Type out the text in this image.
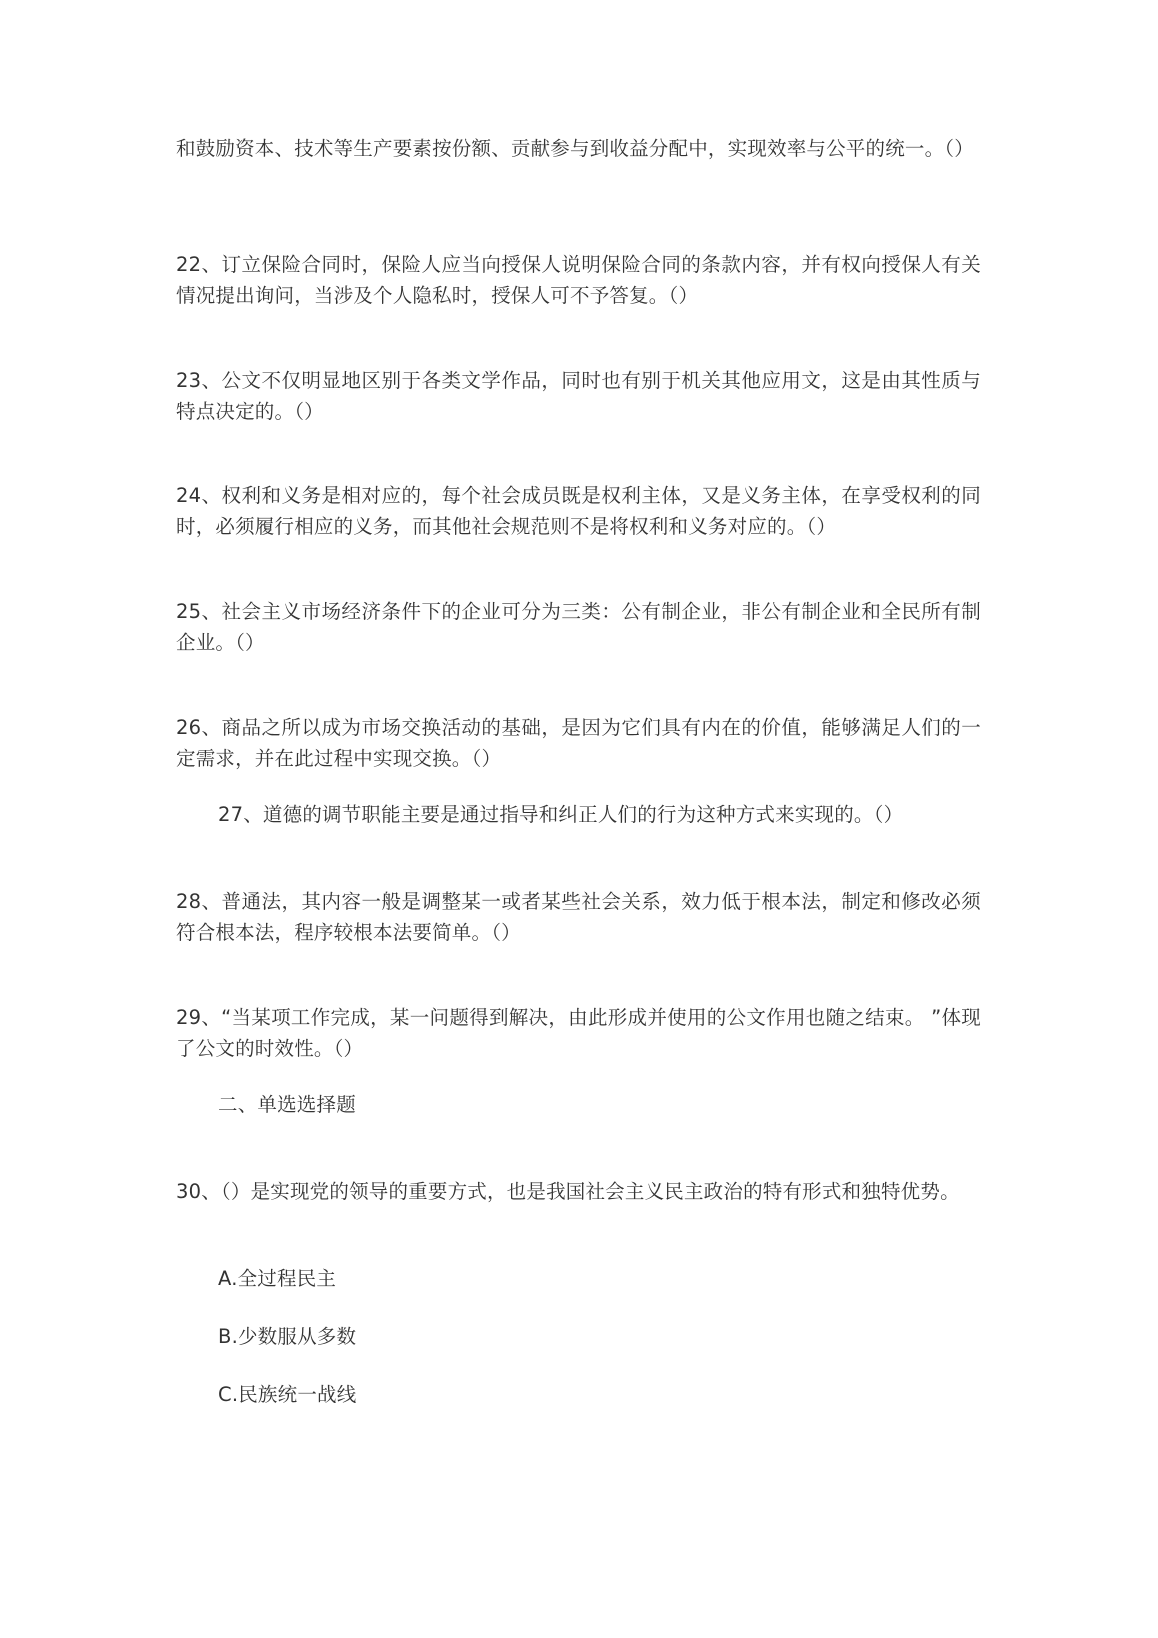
和鼓励资本、技术等生产要素按份额、贡献参与到收益分配中，实现效率与公平的统一。（）

22、订立保险合同时，保险人应当向授保人说明保险合同的条款内容，并有权向授保人有关情况提出询问，当涉及个人隐私时，授保人可不予答复。（）

23、公文不仅明显地区别于各类文学作品，同时也有别于机关其他应用文，这是由其性质与特点决定的。（）

24、权利和义务是相对应的，每个社会成员既是权利主体，又是义务主体，在享受权利的同时，必须履行相应的义务，而其他社会规范则不是将权利和义务对应的。（）

25、社会主义市场经济条件下的企业可分为三类：公有制企业，非公有制企业和全民所有制企业。（）

26、商品之所以成为市场交换活动的基础，是因为它们具有内在的价值，能够满足人们的一定需求，并在此过程中实现交换。（）

27、道德的调节职能主要是通过指导和纠正人们的行为这种方式来实现的。（）

28、普通法，其内容一般是调整某一或者某些社会关系，效力低于根本法，制定和修改必须符合根本法，程序较根本法要简单。（）

29、“当某项工作完成，某一问题得到解决，由此形成并使用的公文作用也随之结束。 ”体现了公文的时效性。（）

二、单选选择题

30、（）是实现党的领导的重要方式，也是我国社会主义民主政治的特有形式和独特优势。

A.全过程民主

B.少数服从多数

C.民族统一战线
